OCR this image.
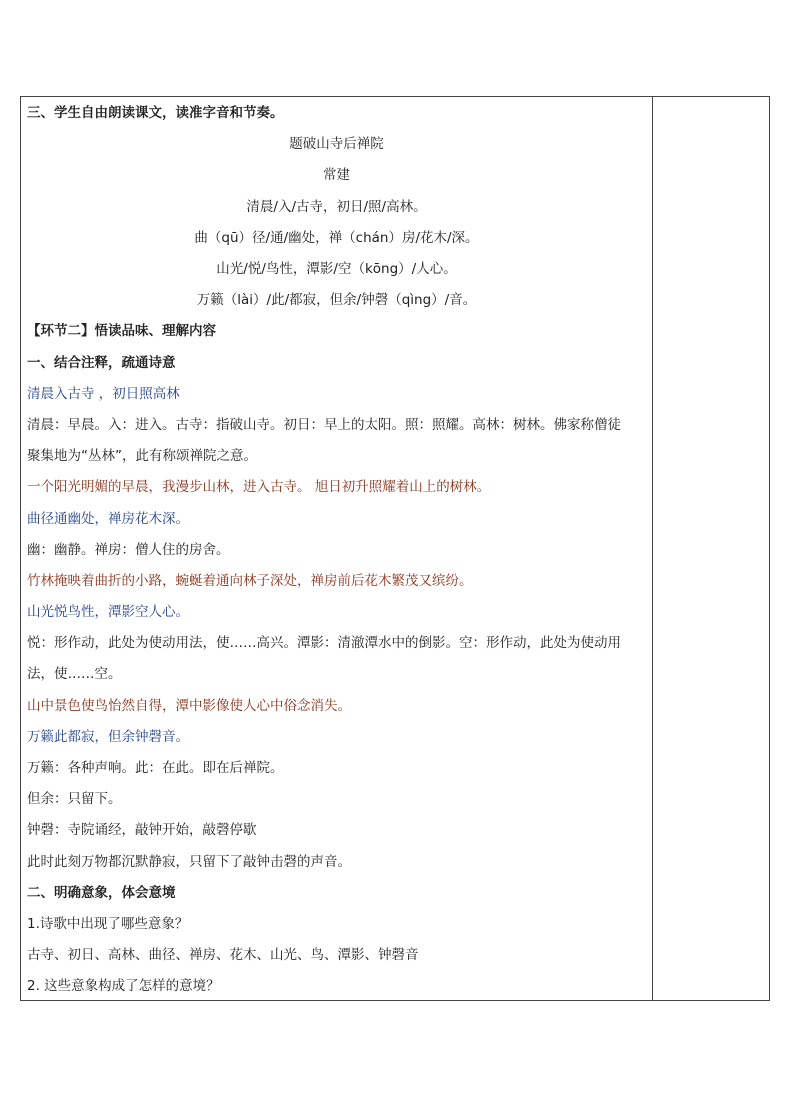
三、学生自由朗读课文，读准字音和节奏。
题破山寺后禅院
常建
清晨/入/古寺，初日/照/高林。
曲（qū）径/通/幽处，禅（chán）房/花木/深。
山光/悦/鸟性，潭影/空（kōng）/人心。
万籁（lài）/此/都寂，但余/钟磬（qìng）/音。
【环节二】悟读品味、理解内容
一、结合注释，疏通诗意
清晨入古寺 ，初日照高林
清晨：早晨。入：进入。古寺：指破山寺。初日：早上的太阳。照：照耀。高林：树林。佛家称僧徒
聚集地为“丛林”，此有称颂禅院之意。
一个阳光明媚的早晨，我漫步山林，进入古寺。 旭日初升照耀着山上的树林。
曲径通幽处，禅房花木深。
幽：幽静。禅房：僧人住的房舍。
竹林掩映着曲折的小路，蜿蜒着通向林子深处，禅房前后花木繁茂又缤纷。
山光悦鸟性，潭影空人心。
悦：形作动，此处为使动用法，使……高兴。潭影：清澈潭水中的倒影。空：形作动，此处为使动用
法，使……空。
山中景色使鸟怡然自得，潭中影像使人心中俗念消失。
万籁此都寂，但余钟磬音。
万籁：各种声响。此：在此。即在后禅院。
但余：只留下。
钟磬：寺院诵经，敲钟开始，敲磬停歇
此时此刻万物都沉默静寂，只留下了敲钟击磬的声音。
二、明确意象，体会意境
1.诗歌中出现了哪些意象？
古寺、初日、高林、曲径、禅房、花木、山光、鸟、潭影、钟磬音
2. 这些意象构成了怎样的意境？
